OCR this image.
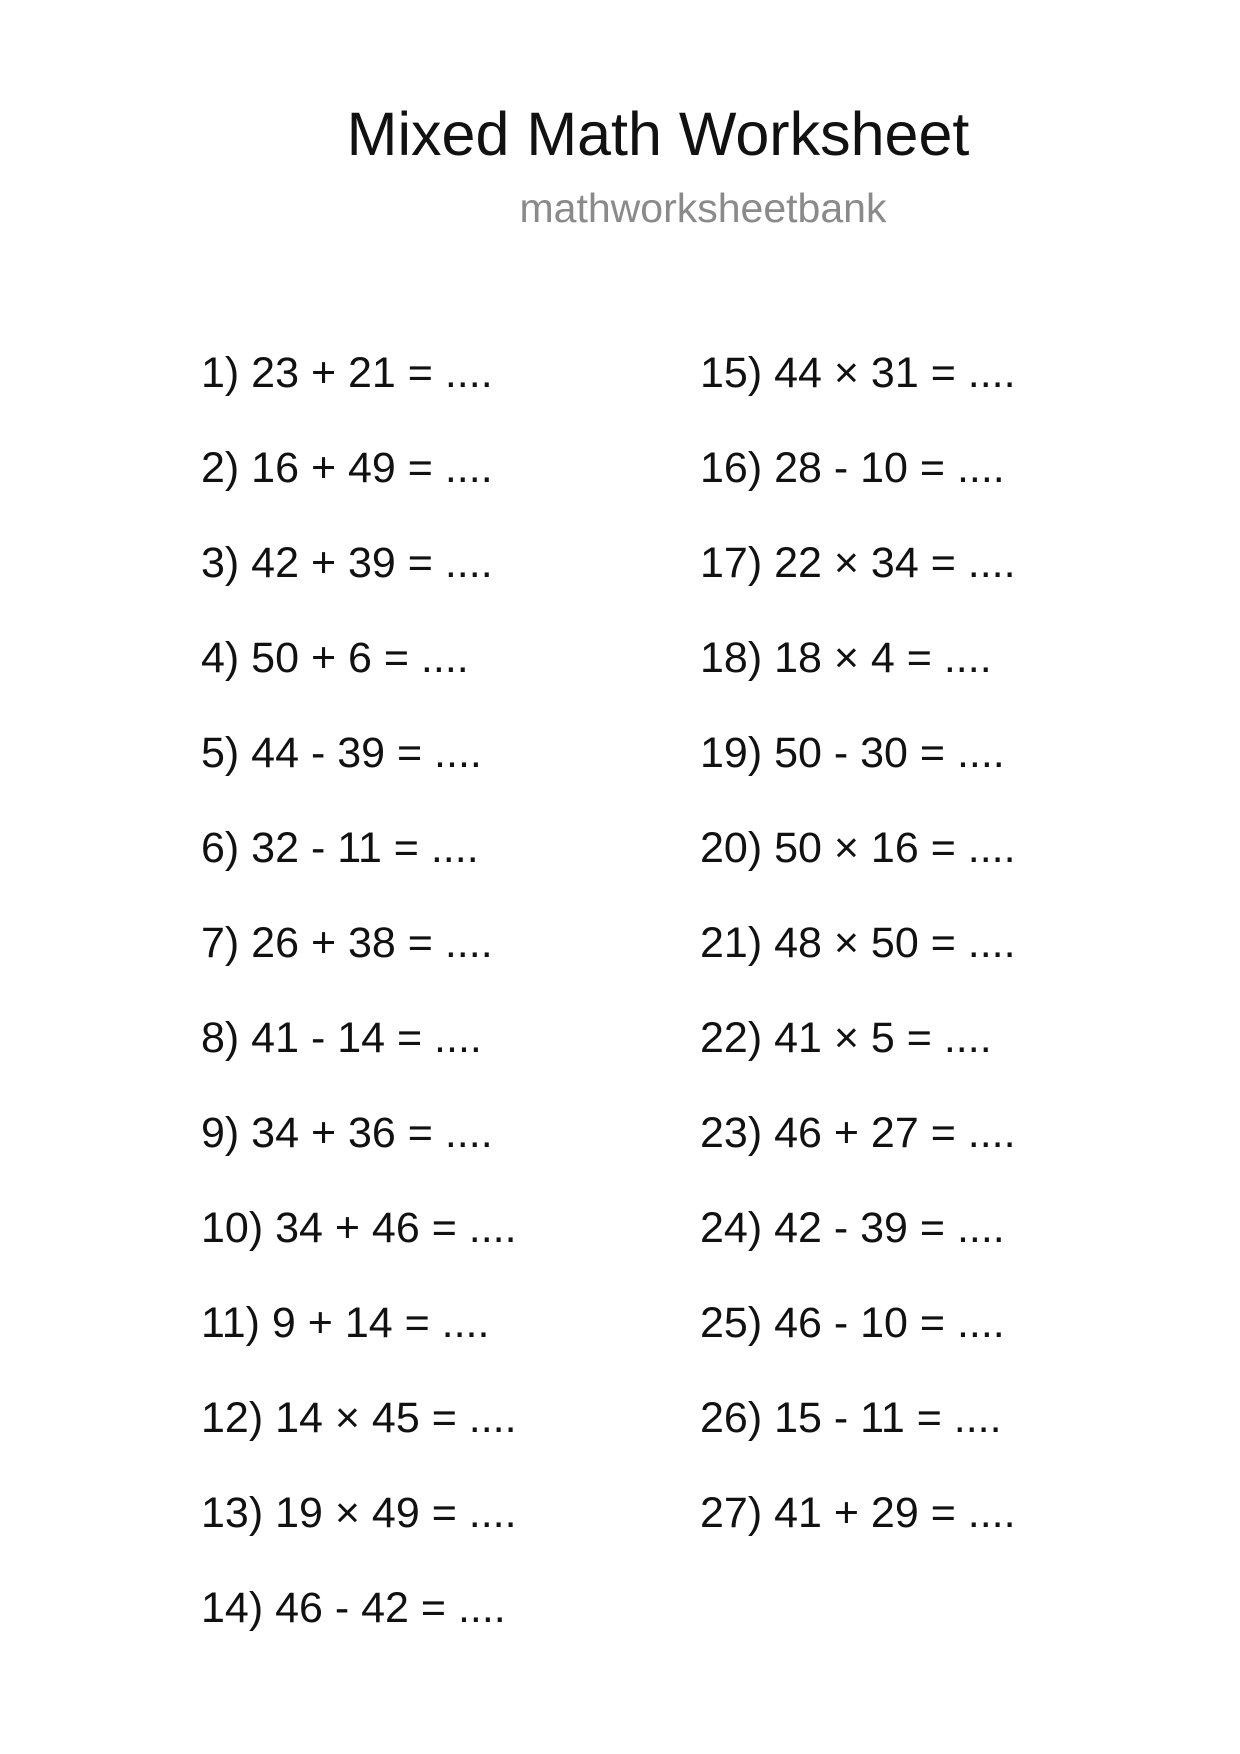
Mixed Math Worksheet
mathworksheetbank
1) 23 + 21 = ....
2) 16 + 49 = ....
3) 42 + 39 = ....
4) 50 + 6 = ....
5) 44 - 39 = ....
6) 32 - 11 = ....
7) 26 + 38 = ....
8) 41 - 14 = ....
9) 34 + 36 = ....
10) 34 + 46 = ....
11) 9 + 14 = ....
12) 14 × 45 = ....
13) 19 × 49 = ....
14) 46 - 42 = ....
15) 44 × 31 = ....
16) 28 - 10 = ....
17) 22 × 34 = ....
18) 18 × 4 = ....
19) 50 - 30 = ....
20) 50 × 16 = ....
21) 48 × 50 = ....
22) 41 × 5 = ....
23) 46 + 27 = ....
24) 42 - 39 = ....
25) 46 - 10 = ....
26) 15 - 11 = ....
27) 41 + 29 = ....
